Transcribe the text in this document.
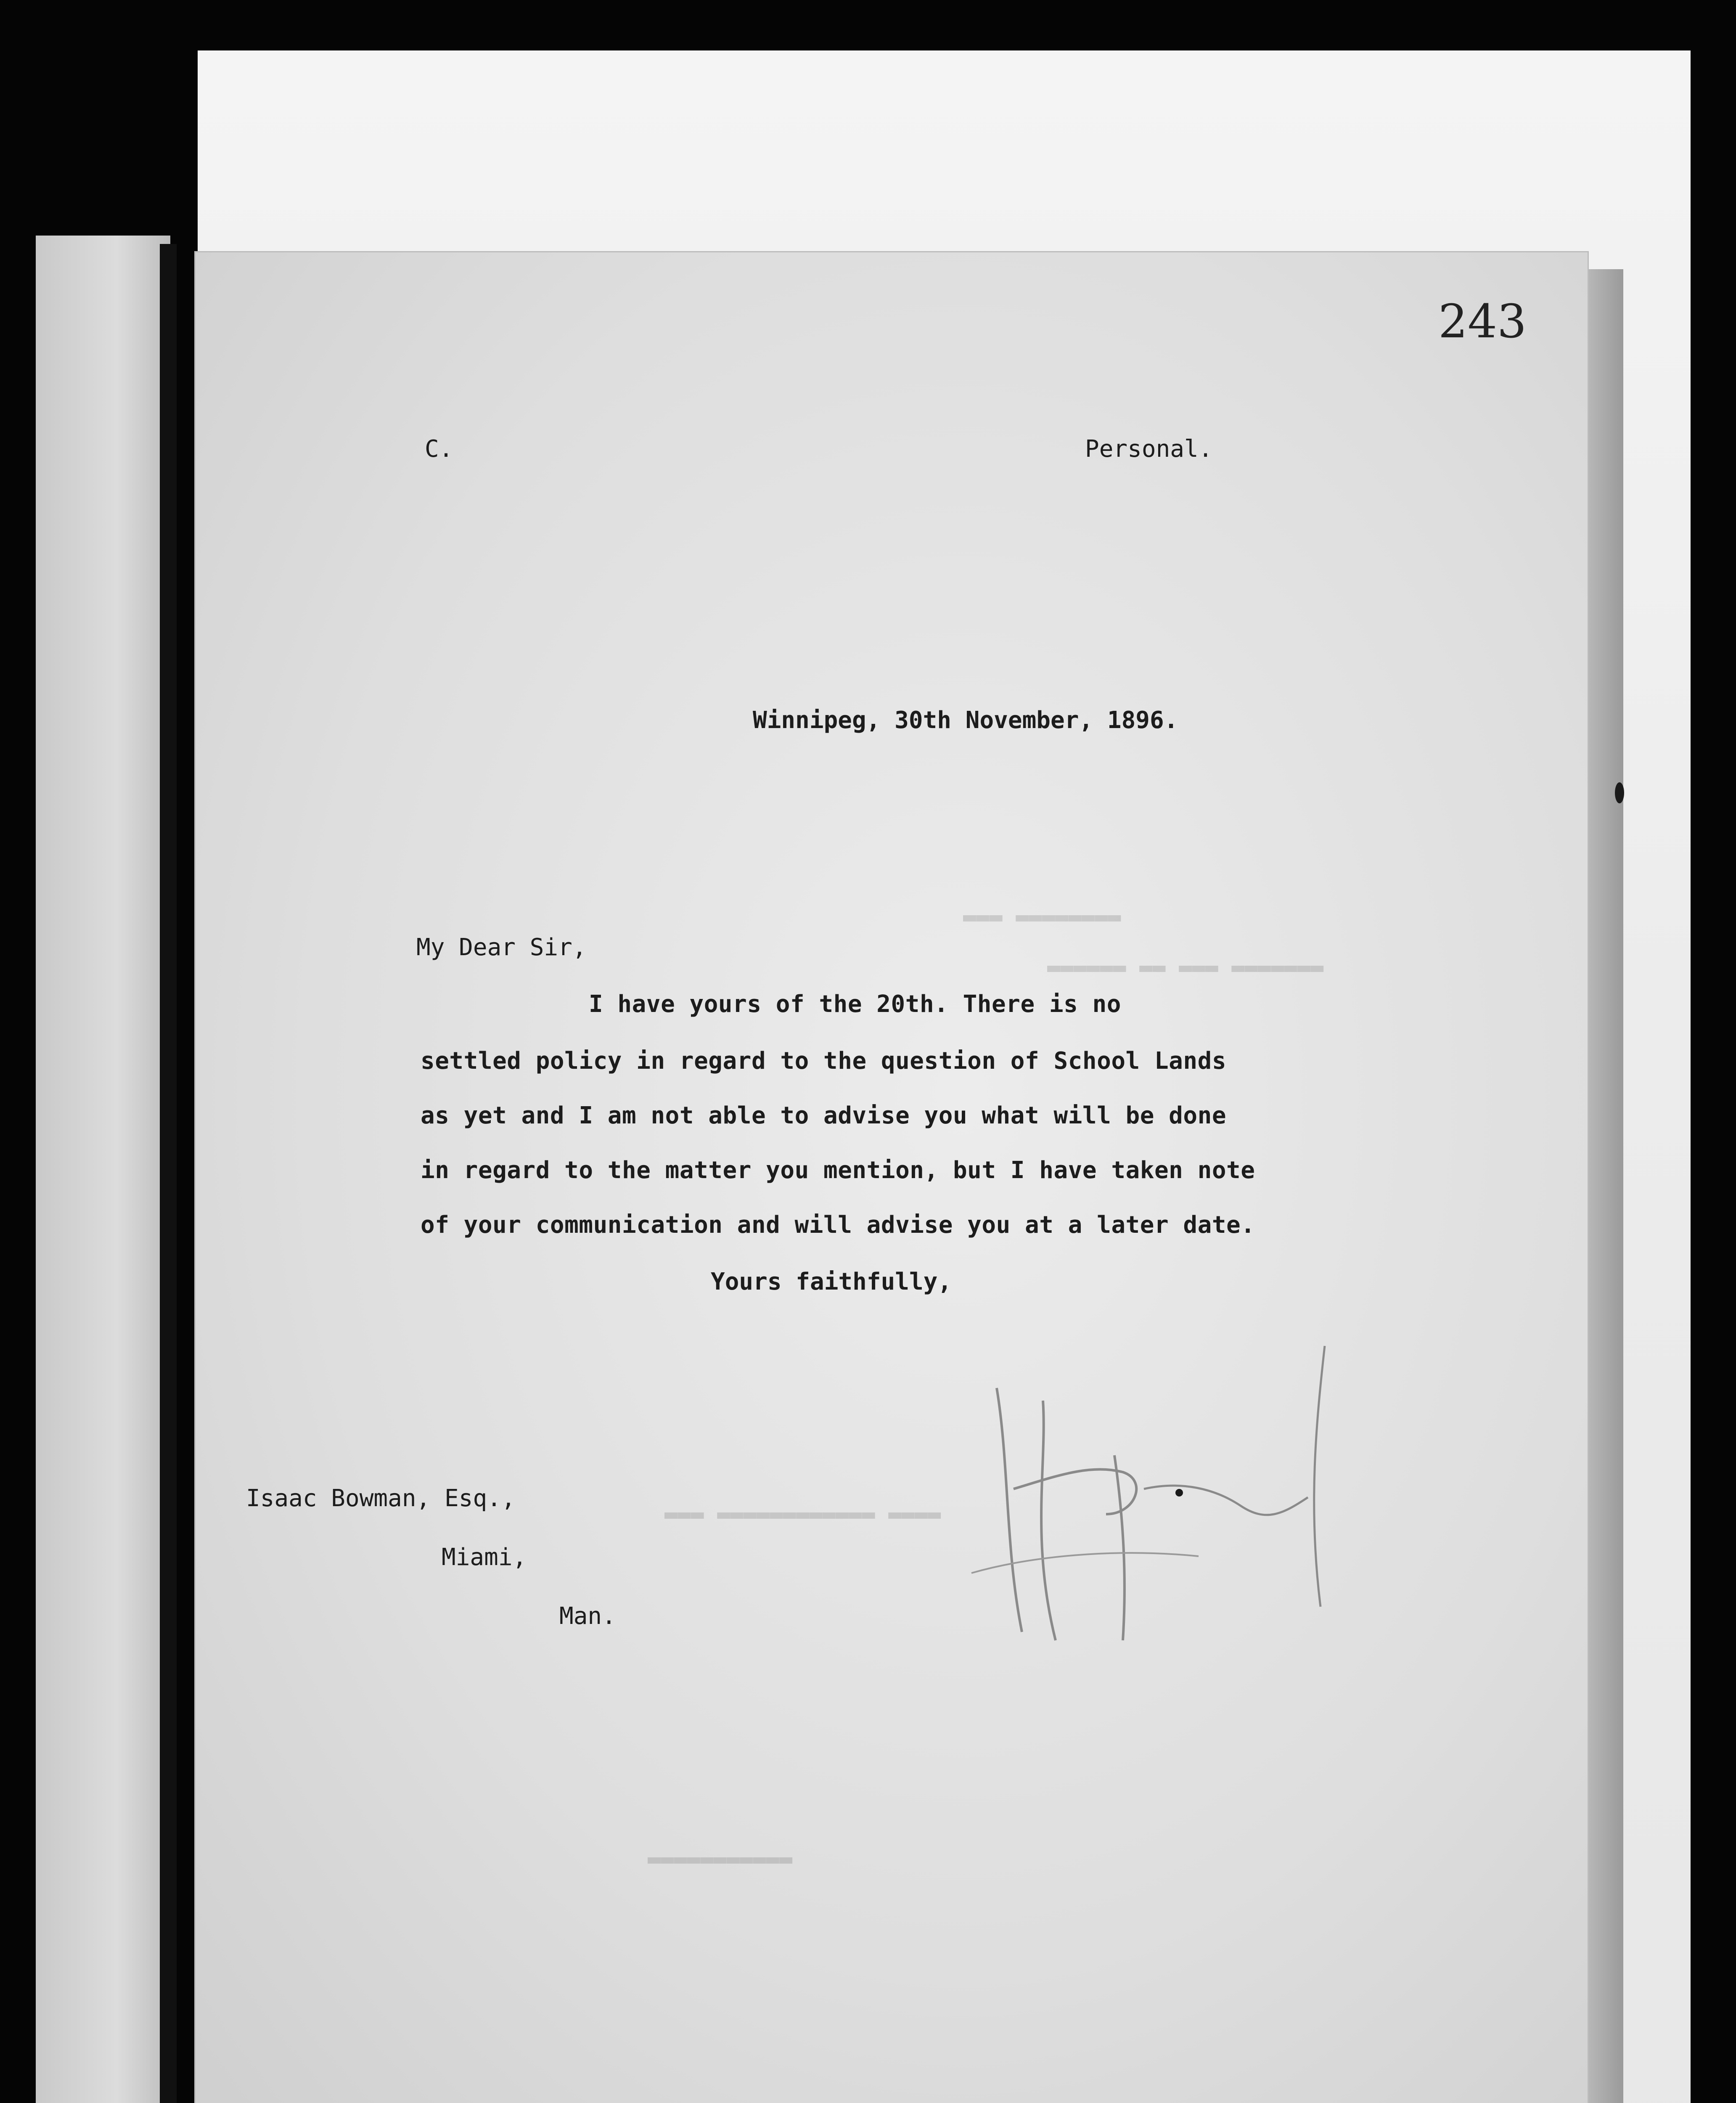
▬▬▬ ▬▬▬▬▬▬▬▬
▬▬▬▬▬▬ ▬▬ ▬▬▬ ▬▬▬▬▬▬▬
▬▬▬ ▬▬▬▬▬▬▬▬▬▬▬▬ ▬▬▬▬
▬▬▬▬▬▬▬▬▬▬▬
243
C.	Personal.
Winnipeg, 30th November, 1896.
My Dear Sir,
I have yours of the 20th. There is no
settled policy in regard to the question of School Lands
as yet and I am not able to advise you what will be done
in regard to the matter you mention, but I have taken note
of your communication and will advise you at a later date.
Yours faithfully,
Isaac Bowman, Esq.,
Miami,
Man.
